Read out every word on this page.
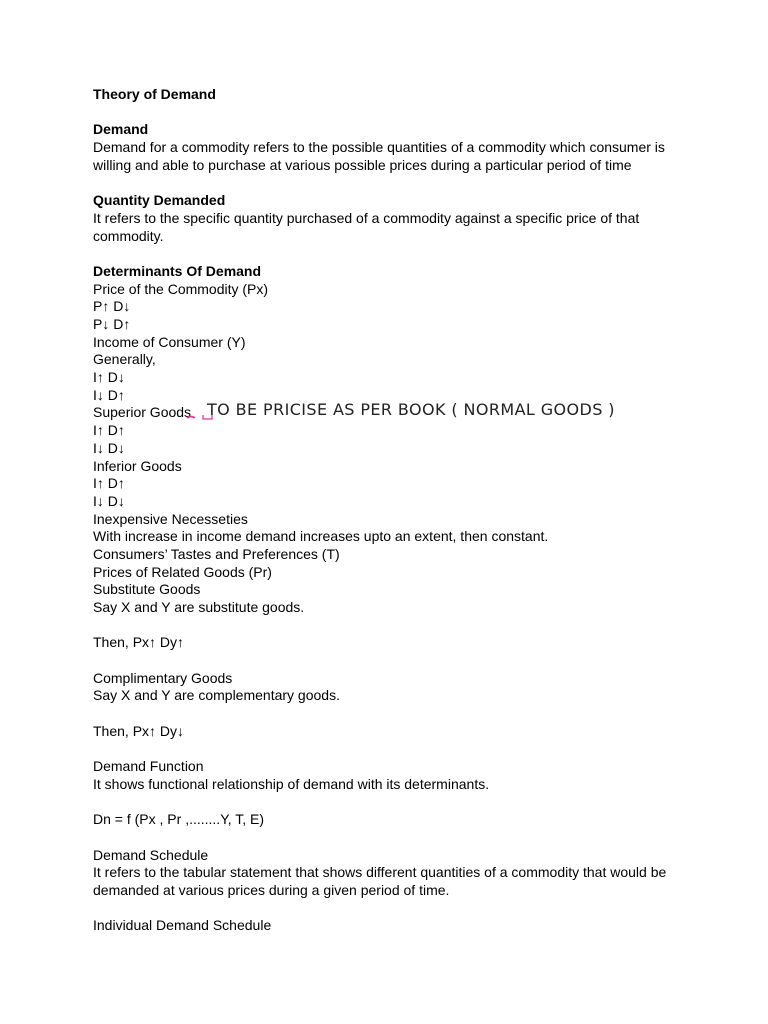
Theory of Demand
Demand
Demand for a commodity refers to the possible quantities of a commodity which consumer is willing and able to purchase at various possible prices during a particular period of time
Quantity Demanded
It refers to the specific quantity purchased of a commodity against a specific price of that commodity.
Determinants Of Demand
Price of the Commodity (Px)
P↑ D↓
P↓ D↑
Income of Consumer (Y)
Generally,
I↑ D↓
I↓ D↑
Superior Goods TO BE PRICISE AS PER BOOK ( NORMAL GOODS )
I↑ D↑
I↓ D↓
Inferior Goods
I↑ D↑
I↓ D↓
Inexpensive Necesseties
With increase in income demand increases upto an extent, then constant.
Consumers’ Tastes and Preferences (T)
Prices of Related Goods (Pr)
Substitute Goods
Say X and Y are substitute goods.
Then, Px↑ Dy↑
Complimentary Goods
Say X and Y are complementary goods.
Then, Px↑ Dy↓
Demand Function
It shows functional relationship of demand with its determinants.
Dn = f (Px , Pr ,........Y, T, E)
Demand Schedule
It refers to the tabular statement that shows different quantities of a commodity that would be demanded at various prices during a given period of time.
Individual Demand Schedule
